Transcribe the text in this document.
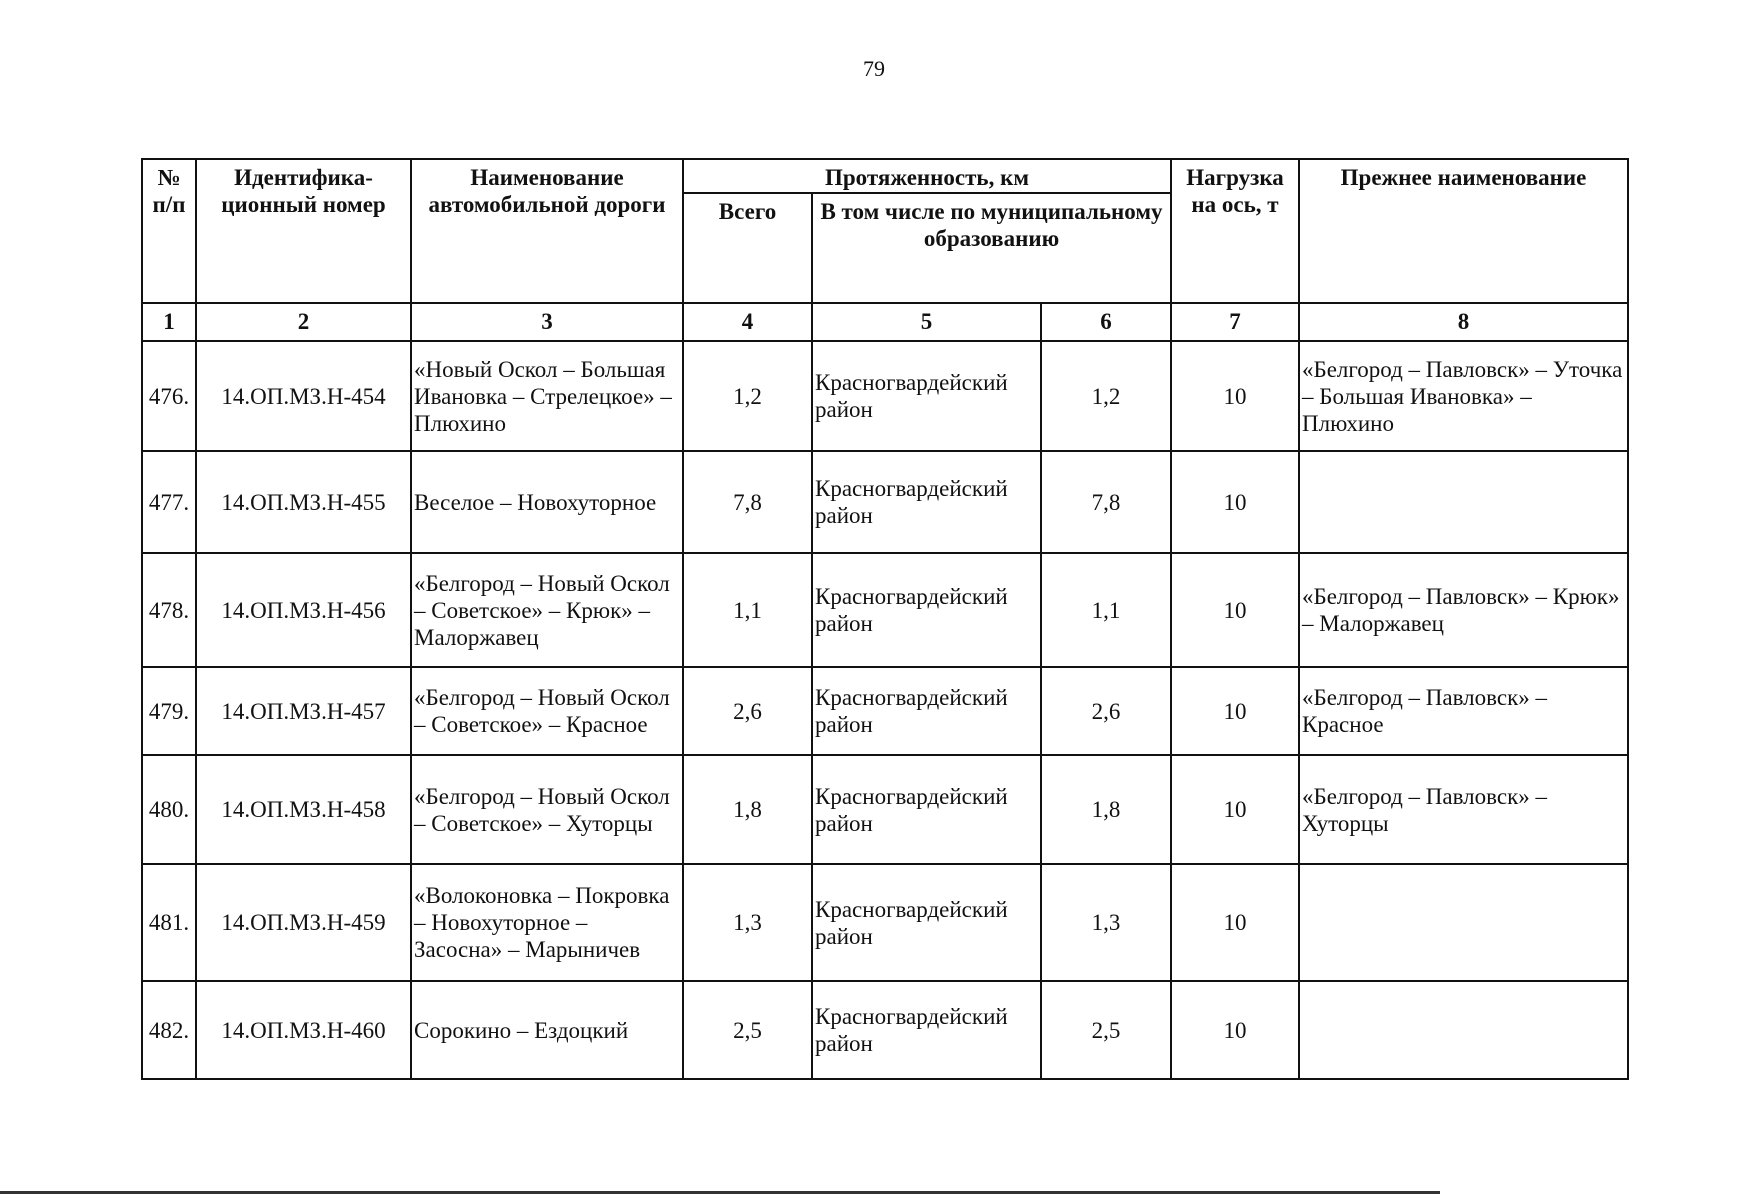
79
№ п/п	Идентифика-ционный номер	Наименование автомобильной дороги	Протяженность, км			Нагрузка на ось, т	Прежнее наименование
			Всего	В том числе по муниципальному образованию			
1	2	3	4	5	6	7	8
476.	14.ОП.МЗ.Н-454	«Новый Оскол – Большая Ивановка – Стрелецкое» – Плюхино	1,2	Красногвардейский район	1,2	10	«Белгород – Павловск» – Уточка – Большая Ивановка» – Плюхино
477.	14.ОП.МЗ.Н-455	Веселое – Новохуторное	7,8	Красногвардейский район	7,8	10	
478.	14.ОП.МЗ.Н-456	«Белгород – Новый Оскол – Советское» – Крюк» – Малоржавец	1,1	Красногвардейский район	1,1	10	«Белгород – Павловск» – Крюк» – Малоржавец
479.	14.ОП.МЗ.Н-457	«Белгород – Новый Оскол – Советское» – Красное	2,6	Красногвардейский район	2,6	10	«Белгород – Павловск» – Красное
480.	14.ОП.МЗ.Н-458	«Белгород – Новый Оскол – Советское» – Хуторцы	1,8	Красногвардейский район	1,8	10	«Белгород – Павловск» – Хуторцы
481.	14.ОП.МЗ.Н-459	«Волоконовка – Покровка – Новохуторное – Засосна» – Марыничев	1,3	Красногвардейский район	1,3	10	
482.	14.ОП.МЗ.Н-460	Сорокино – Ездоцкий	2,5	Красногвардейский район	2,5	10	
